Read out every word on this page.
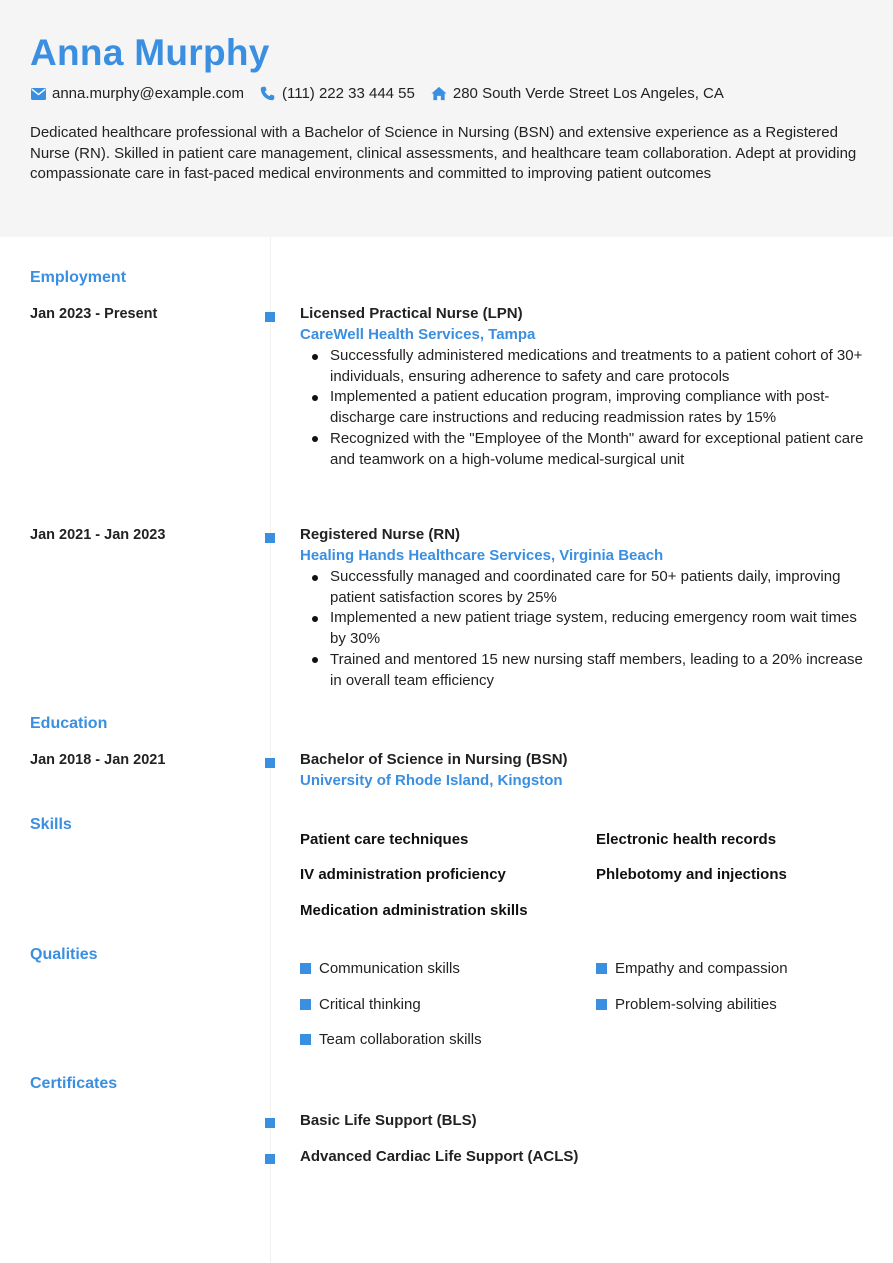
Anna Murphy
anna.murphy@example.com	(111) 222 33 444 55	280 South Verde Street Los Angeles, CA
Dedicated healthcare professional with a Bachelor of Science in Nursing (BSN) and extensive experience as a Registered Nurse (RN). Skilled in patient care management, clinical assessments, and healthcare team collaboration. Adept at providing compassionate care in fast-paced medical environments and committed to improving patient outcomes
Employment
Jan 2023 - Present	Licensed Practical Nurse (LPN)
CareWell Health Services, Tampa
Successfully administered medications and treatments to a patient cohort of 30+ individuals, ensuring adherence to safety and care protocols
Implemented a patient education program, improving compliance with post-discharge care instructions and reducing readmission rates by 15%
Recognized with the "Employee of the Month" award for exceptional patient care and teamwork on a high-volume medical-surgical unit
Jan 2021 - Jan 2023	Registered Nurse (RN)
Healing Hands Healthcare Services, Virginia Beach
Successfully managed and coordinated care for 50+ patients daily, improving patient satisfaction scores by 25%
Implemented a new patient triage system, reducing emergency room wait times by 30%
Trained and mentored 15 new nursing staff members, leading to a 20% increase in overall team efficiency
Education
Jan 2018 - Jan 2021	Bachelor of Science in Nursing (BSN)
University of Rhode Island, Kingston
Skills
Patient care techniques	Electronic health records
IV administration proficiency	Phlebotomy and injections
Medication administration skills
Qualities
Communication skills	Empathy and compassion
Critical thinking	Problem-solving abilities
Team collaboration skills
Certificates
Basic Life Support (BLS)
Advanced Cardiac Life Support (ACLS)
